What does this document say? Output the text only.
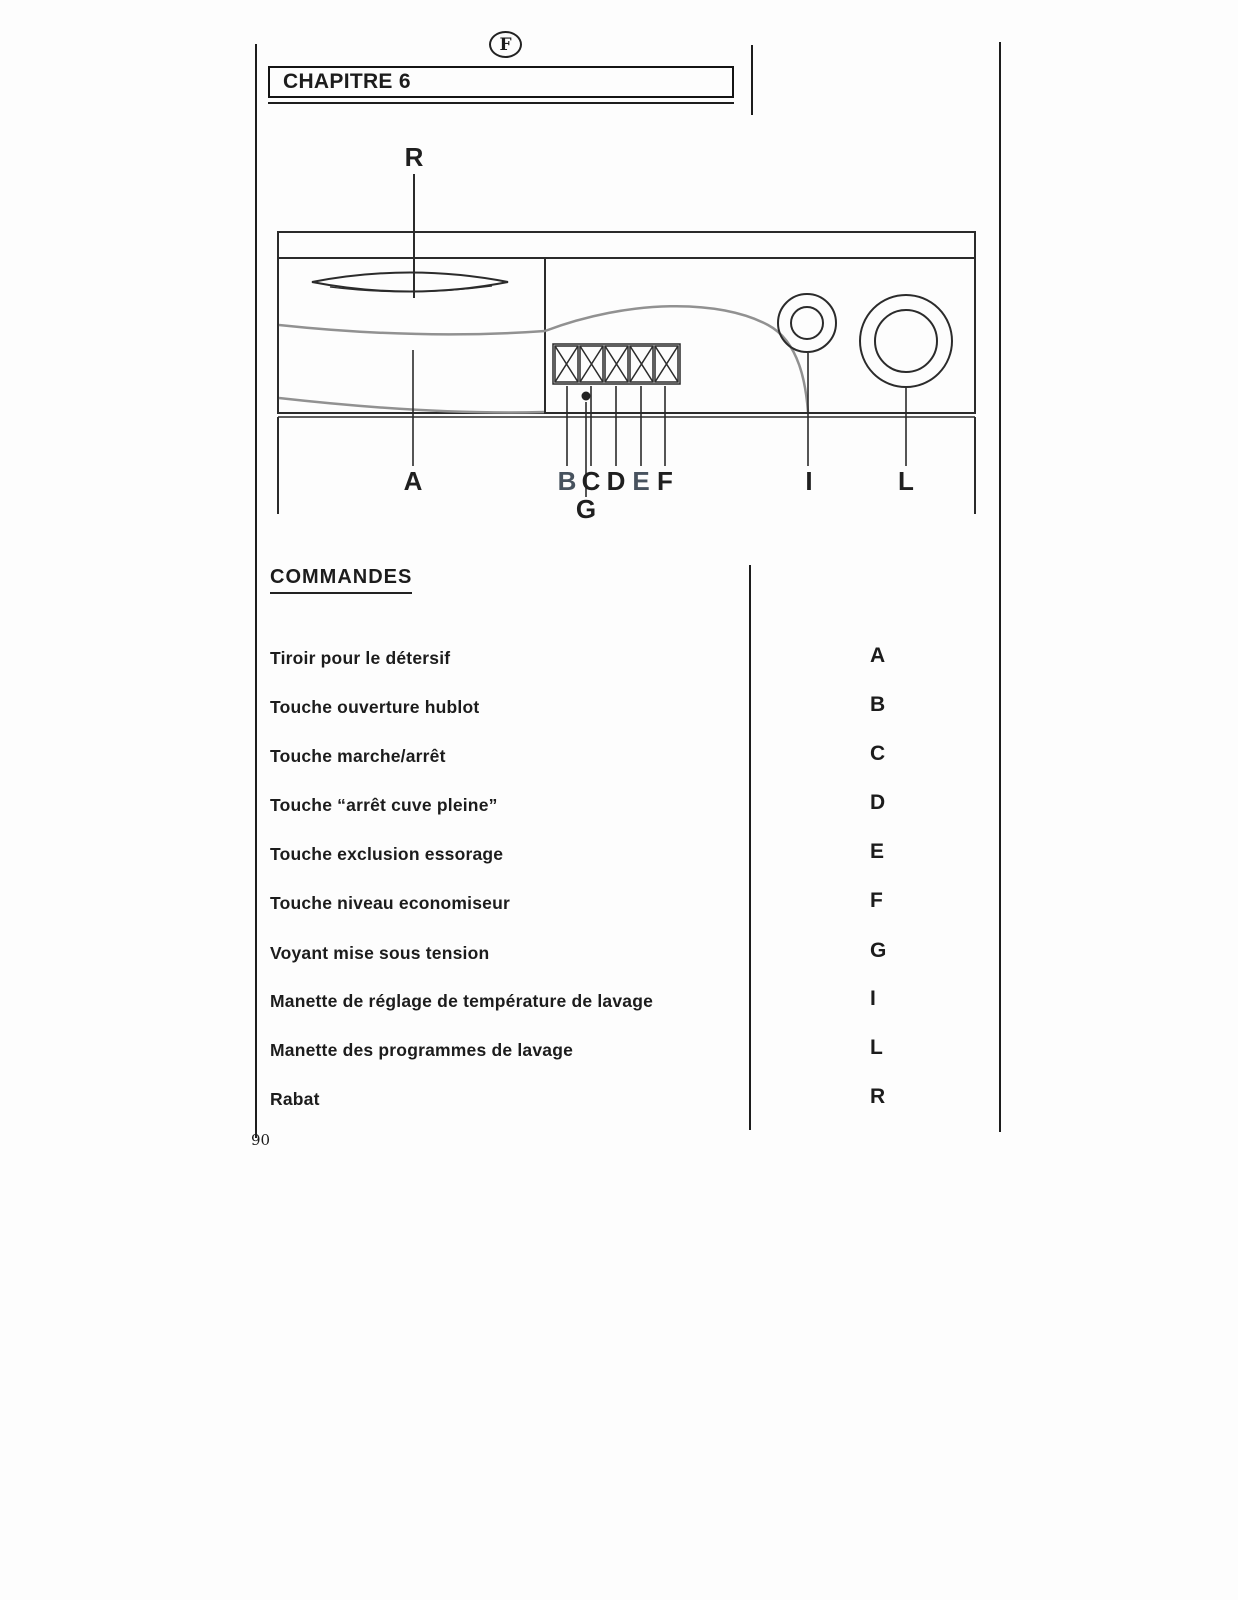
F
CHAPITRE 6
R
A	B C D E F
G
I	L
COMMANDES
Tiroir pour le détersif	A
Touche ouverture hublot	B
Touche marche/arrêt	C
Touche “arrêt cuve pleine”	D
Touche exclusion essorage	E
Touche niveau economiseur	F
Voyant mise sous tension	G
Manette de réglage de température de lavage	I
Manette des programmes de lavage	L
Rabat	R
90
